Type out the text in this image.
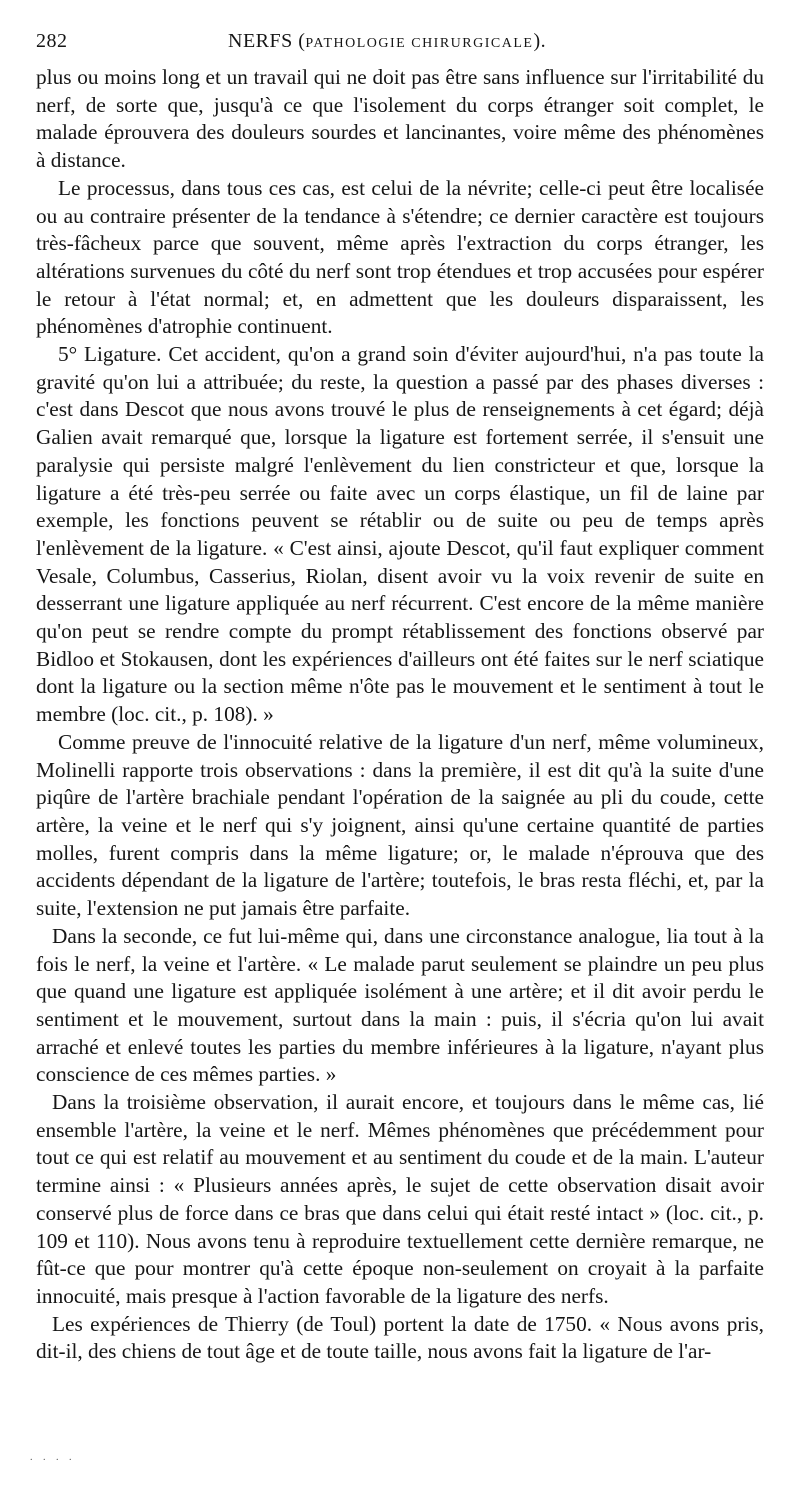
282	NERFS (PATHOLOGIE CHIRURGICALE).

plus ou moins long et un travail qui ne doit pas être sans influence sur l'irritabilité du nerf, de sorte que, jusqu'à ce que l'isolement du corps étranger soit complet, le malade éprouvera des douleurs sourdes et lancinantes, voire même des phénomènes à distance.

Le processus, dans tous ces cas, est celui de la névrite; celle-ci peut être localisée ou au contraire présenter de la tendance à s'étendre; ce dernier caractère est toujours très-fâcheux parce que souvent, même après l'extraction du corps étranger, les altérations survenues du côté du nerf sont trop étendues et trop accusées pour espérer le retour à l'état normal; et, en admettent que les douleurs disparaissent, les phénomènes d'atrophie continuent.

5° Ligature. Cet accident, qu'on a grand soin d'éviter aujourd'hui, n'a pas toute la gravité qu'on lui a attribuée; du reste, la question a passé par des phases diverses : c'est dans Descot que nous avons trouvé le plus de renseignements à cet égard; déjà Galien avait remarqué que, lorsque la ligature est fortement serrée, il s'ensuit une paralysie qui persiste malgré l'enlèvement du lien constricteur et que, lorsque la ligature a été très-peu serrée ou faite avec un corps élastique, un fil de laine par exemple, les fonctions peuvent se rétablir ou de suite ou peu de temps après l'enlèvement de la ligature. « C'est ainsi, ajoute Descot, qu'il faut expliquer comment Vesale, Columbus, Casserius, Riolan, disent avoir vu la voix revenir de suite en desserrant une ligature appliquée au nerf récurrent. C'est encore de la même manière qu'on peut se rendre compte du prompt rétablissement des fonctions observé par Bidloo et Stokausen, dont les expériences d'ailleurs ont été faites sur le nerf sciatique dont la ligature ou la section même n'ôte pas le mouvement et le sentiment à tout le membre (loc. cit., p. 108). »

Comme preuve de l'innocuité relative de la ligature d'un nerf, même volumineux, Molinelli rapporte trois observations : dans la première, il est dit qu'à la suite d'une piqûre de l'artère brachiale pendant l'opération de la saignée au pli du coude, cette artère, la veine et le nerf qui s'y joignent, ainsi qu'une certaine quantité de parties molles, furent compris dans la même ligature; or, le malade n'éprouva que des accidents dépendant de la ligature de l'artère; toutefois, le bras resta fléchi, et, par la suite, l'extension ne put jamais être parfaite.

Dans la seconde, ce fut lui-même qui, dans une circonstance analogue, lia tout à la fois le nerf, la veine et l'artère. « Le malade parut seulement se plaindre un peu plus que quand une ligature est appliquée isolément à une artère; et il dit avoir perdu le sentiment et le mouvement, surtout dans la main : puis, il s'écria qu'on lui avait arraché et enlevé toutes les parties du membre inférieures à la ligature, n'ayant plus conscience de ces mêmes parties. »

Dans la troisième observation, il aurait encore, et toujours dans le même cas, lié ensemble l'artère, la veine et le nerf. Mêmes phénomènes que précédemment pour tout ce qui est relatif au mouvement et au sentiment du coude et de la main. L'auteur termine ainsi : « Plusieurs années après, le sujet de cette observation disait avoir conservé plus de force dans ce bras que dans celui qui était resté intact » (loc. cit., p. 109 et 110). Nous avons tenu à reproduire textuellement cette dernière remarque, ne fût-ce que pour montrer qu'à cette époque non-seulement on croyait à la parfaite innocuité, mais presque à l'action favorable de la ligature des nerfs.

Les expériences de Thierry (de Toul) portent la date de 1750. « Nous avons pris, dit-il, des chiens de tout âge et de toute taille, nous avons fait la ligature de l'ar-

. . . .
